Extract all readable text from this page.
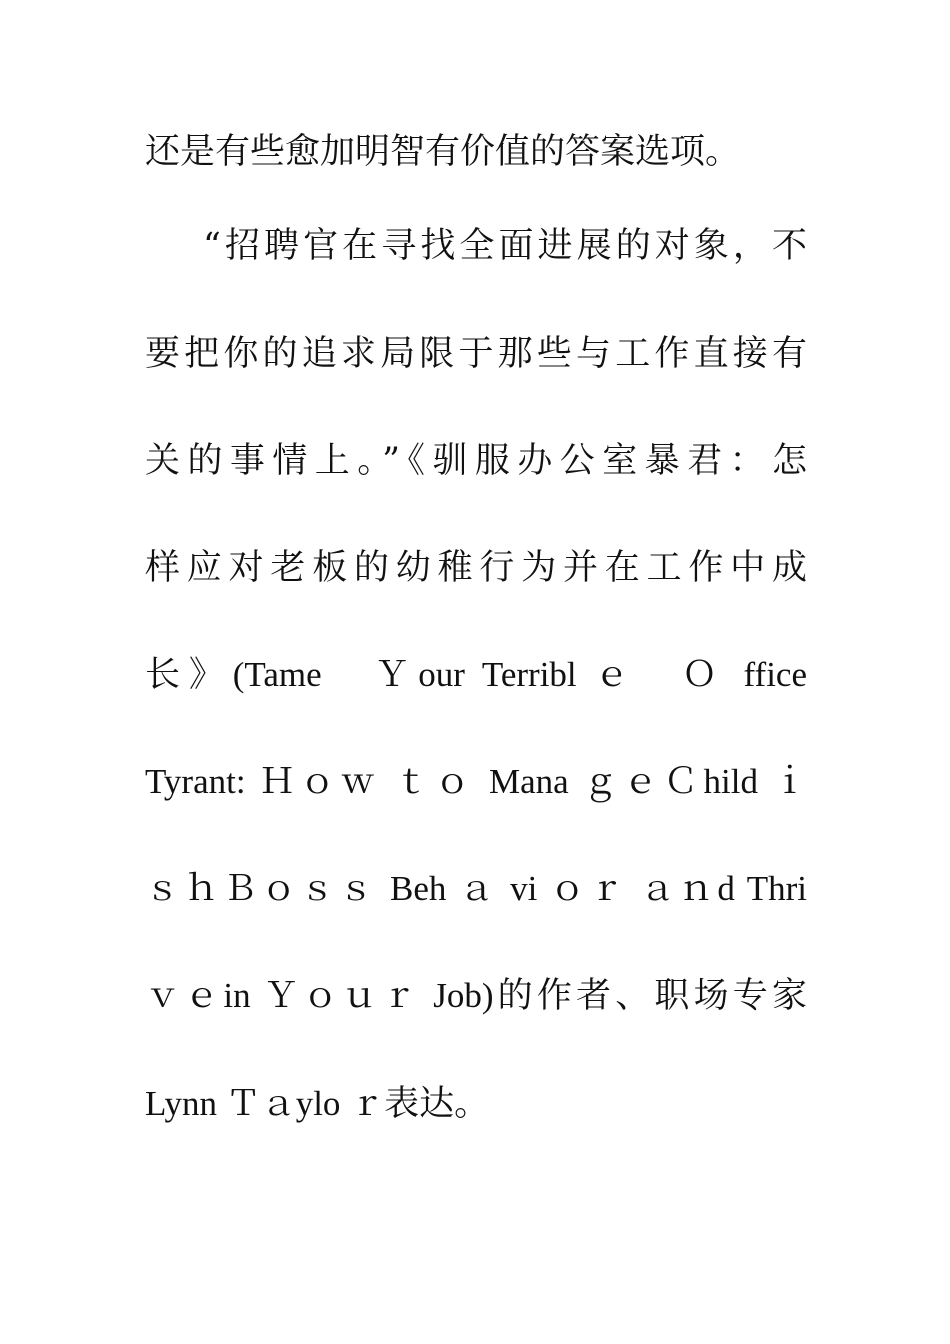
还是有些愈加明智有价值的答案选项。
“招聘官在寻找全面进展的对象，不
要把你的追求局限于那些与工作直接有
关的事情上。”《驯服办公室暴君：怎
样应对老板的幼稚行为并在工作中成
长》(Tame　Ｙour Terribl ｅ　Ｏ ffice
Tyrant: Ｈｏｗ ｔｏ Mana ｇｅＣhild ｉ
ｓｈＢｏｓｓ Beh ａ vi ｏｒ ａｎd Thri
ｖｅin Ｙｏｕｒ Job)的作者、职场专家
Lynn Ｔａylo ｒ表达。
